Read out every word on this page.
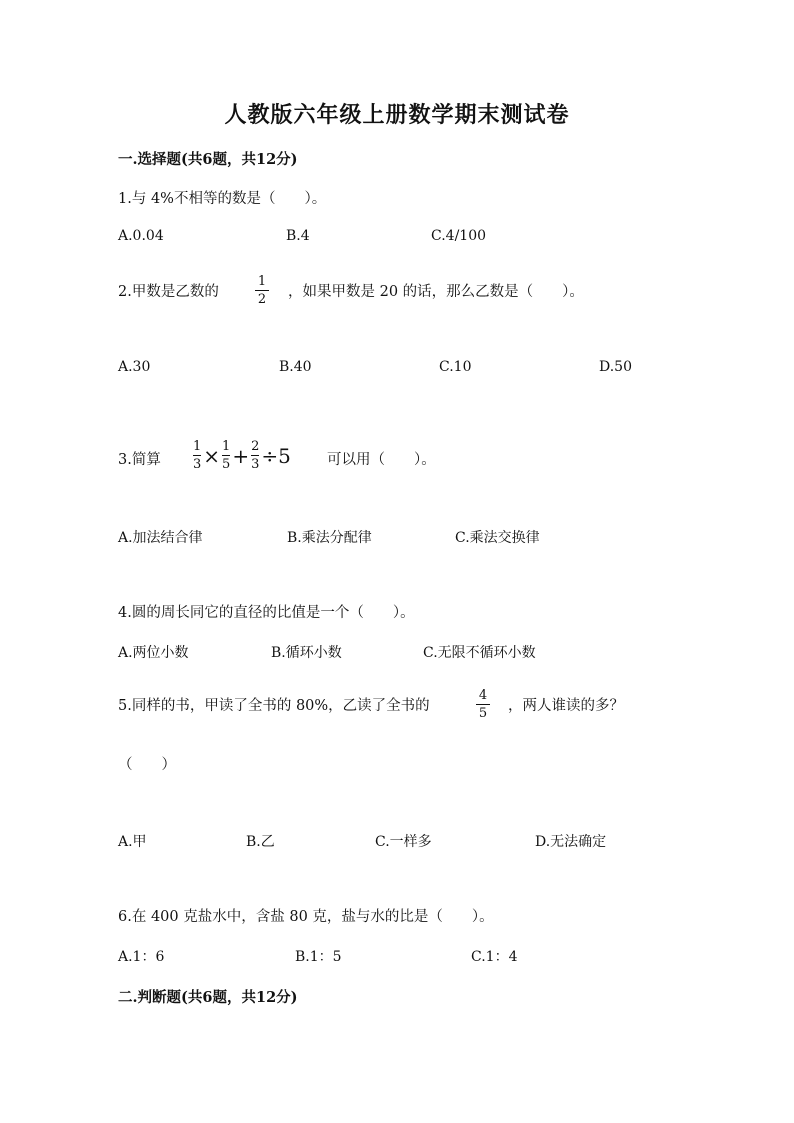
人教版六年级上册数学期末测试卷
一.选择题(共6题，共12分)
1.与 4%不相等的数是（　　）。
A.0.04	B.4	C.4/100
2.甲数是乙数的
1
2 ，如果甲数是 20 的话，那么乙数是（　　）。
A.30	B.40	C.10	D.50
3.简算 $\frac{1}{3} \times \frac{1}{5} + \frac{2}{3} \div 5$ 可以用（　　）。
A.加法结合律	B.乘法分配律	C.乘法交换律
4.圆的周长同它的直径的比值是一个（　　）。
A.两位小数	B.循环小数	C.无限不循环小数
5.同样的书，甲读了全书的 80%，乙读了全书的
4
5 ，两人谁读的多？
（　　）
A.甲	B.乙	C.一样多	D.无法确定
6.在 400 克盐水中，含盐 80 克，盐与水的比是（　　）。
A.1：6	B.1：5	C.1：4
二.判断题(共6题，共12分)
